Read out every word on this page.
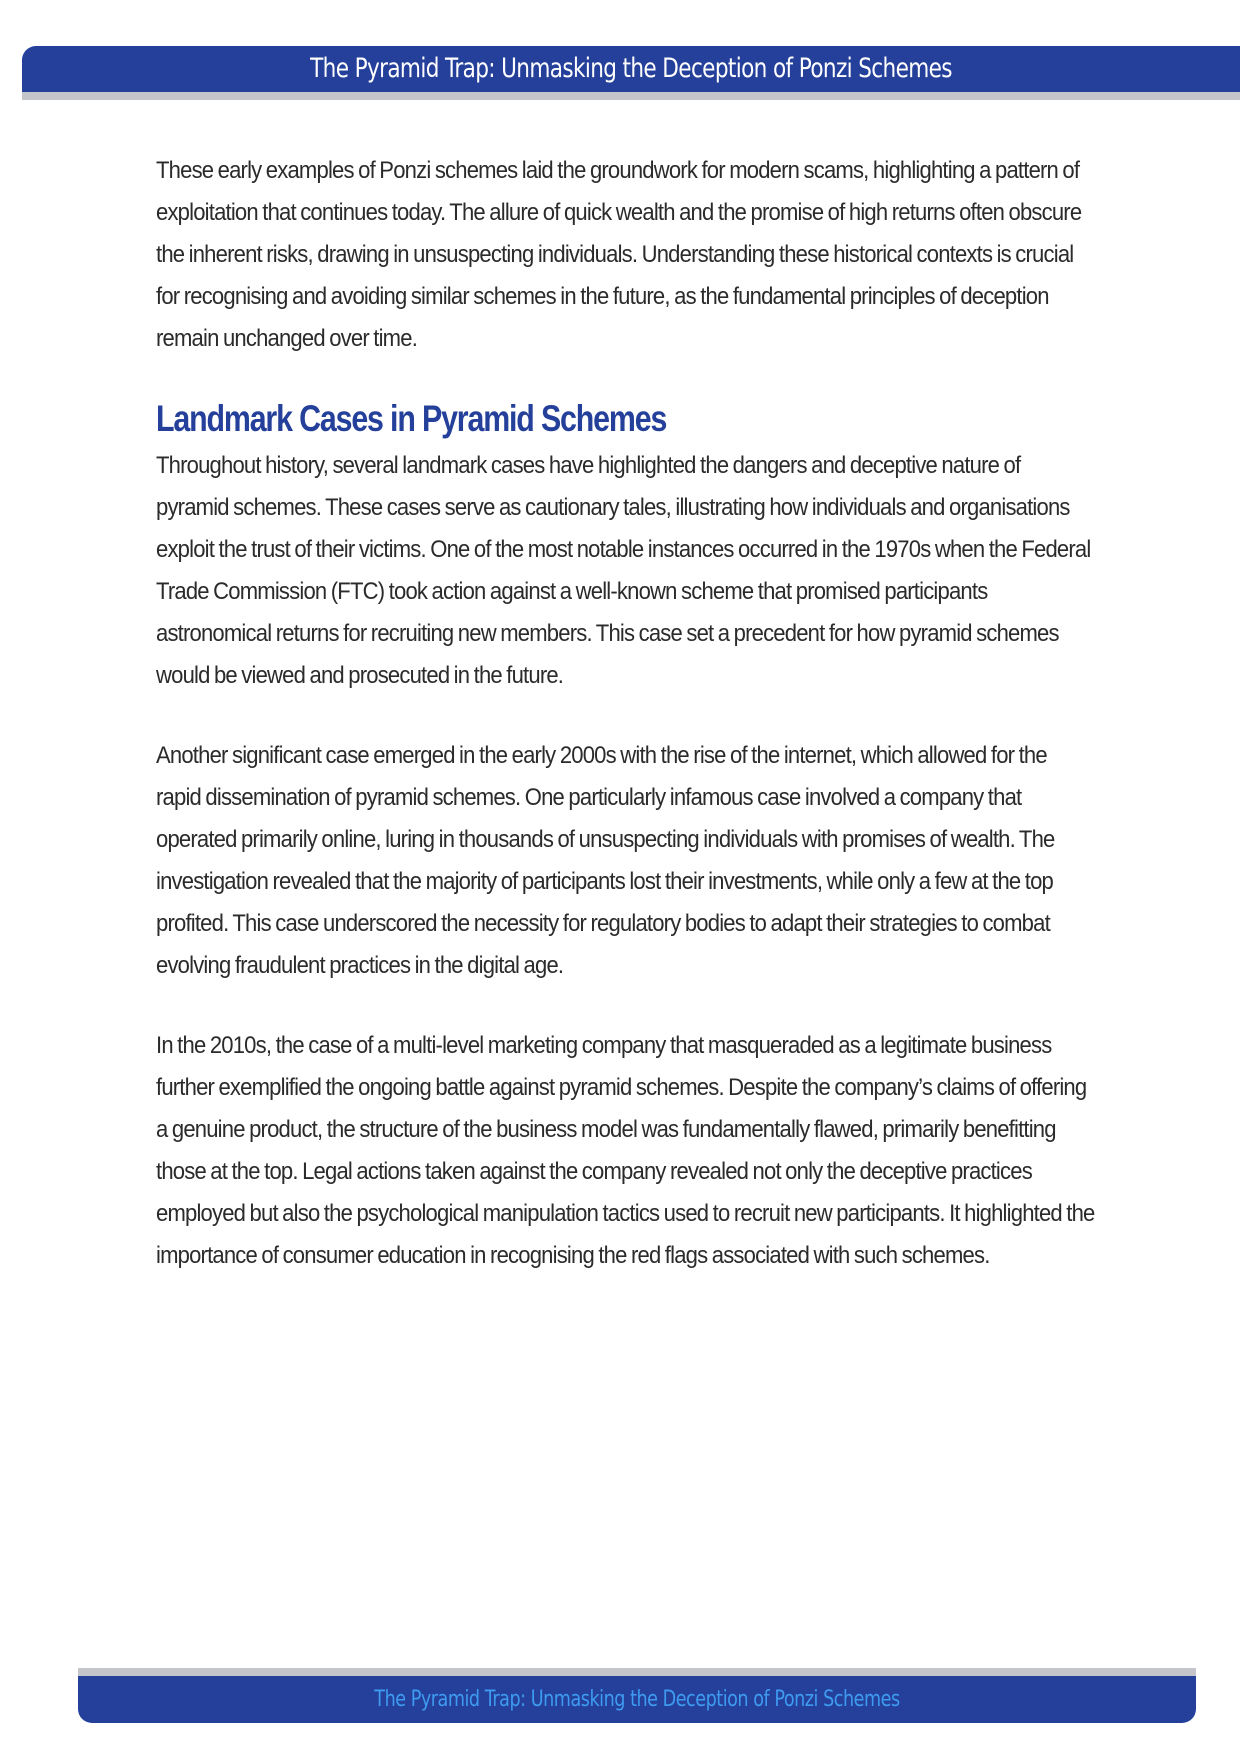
The Pyramid Trap: Unmasking the Deception of Ponzi Schemes

These early examples of Ponzi schemes laid the groundwork for modern scams, highlighting a pattern of exploitation that continues today. The allure of quick wealth and the promise of high returns often obscure the inherent risks, drawing in unsuspecting individuals. Understanding these historical contexts is crucial for recognising and avoiding similar schemes in the future, as the fundamental principles of deception remain unchanged over time.

Landmark Cases in Pyramid Schemes

Throughout history, several landmark cases have highlighted the dangers and deceptive nature of pyramid schemes. These cases serve as cautionary tales, illustrating how individuals and organisations exploit the trust of their victims. One of the most notable instances occurred in the 1970s when the Federal Trade Commission (FTC) took action against a well-known scheme that promised participants astronomical returns for recruiting new members. This case set a precedent for how pyramid schemes would be viewed and prosecuted in the future.

Another significant case emerged in the early 2000s with the rise of the internet, which allowed for the rapid dissemination of pyramid schemes. One particularly infamous case involved a company that operated primarily online, luring in thousands of unsuspecting individuals with promises of wealth. The investigation revealed that the majority of participants lost their investments, while only a few at the top profited. This case underscored the necessity for regulatory bodies to adapt their strategies to combat evolving fraudulent practices in the digital age.

In the 2010s, the case of a multi-level marketing company that masqueraded as a legitimate business further exemplified the ongoing battle against pyramid schemes. Despite the company’s claims of offering a genuine product, the structure of the business model was fundamentally flawed, primarily benefitting those at the top. Legal actions taken against the company revealed not only the deceptive practices employed but also the psychological manipulation tactics used to recruit new participants. It highlighted the importance of consumer education in recognising the red flags associated with such schemes.

The Pyramid Trap: Unmasking the Deception of Ponzi Schemes
